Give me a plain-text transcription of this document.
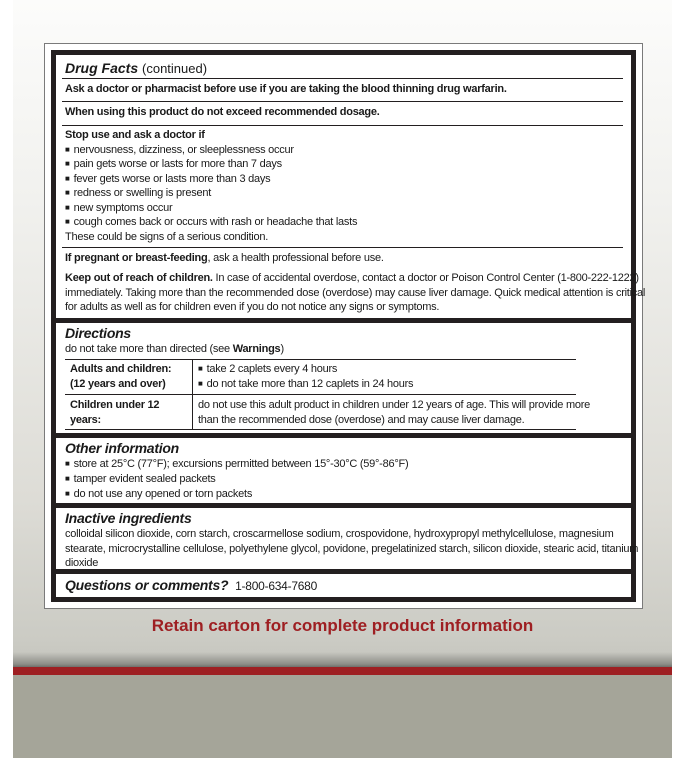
Drug Facts (continued)
Ask a doctor or pharmacist before use if you are taking the blood thinning drug warfarin.
When using this product do not exceed recommended dosage.
Stop use and ask a doctor if
■ nervousness, dizziness, or sleeplessness occur
■ pain gets worse or lasts for more than 7 days
■ fever gets worse or lasts more than 3 days
■ redness or swelling is present
■ new symptoms occur
■ cough comes back or occurs with rash or headache that lasts
These could be signs of a serious condition.
If pregnant or breast-feeding, ask a health professional before use.
Keep out of reach of children. In case of accidental overdose, contact a doctor or Poison Control Center (1-800-222-1222)
immediately. Taking more than the recommended dose (overdose) may cause liver damage. Quick medical attention is critical
for adults as well as for children even if you do not notice any signs or symptoms.
Directions
do not take more than directed (see Warnings)
Adults and children:
(12 years and over)
■ take 2 caplets every 4 hours
■ do not take more than 12 caplets in 24 hours
Children under 12
years:
do not use this adult product in children under 12 years of age. This will provide more
than the recommended dose (overdose) and may cause liver damage.
Other information
■ store at 25°C (77°F); excursions permitted between 15°-30°C (59°-86°F)
■ tamper evident sealed packets
■ do not use any opened or torn packets
Inactive ingredients
colloidal silicon dioxide, corn starch, croscarmellose sodium, crospovidone, hydroxypropyl methylcellulose, magnesium
stearate, microcrystalline cellulose, polyethylene glycol, povidone, pregelatinized starch, silicon dioxide, stearic acid, titanium
dioxide
Questions or comments? 1-800-634-7680
Retain carton for complete product information
